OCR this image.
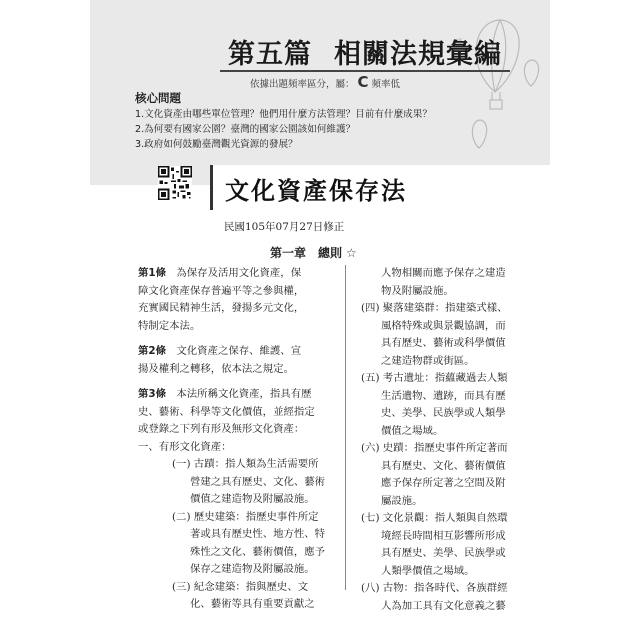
第五篇 相關法規彙編
依據出題頻率區分，屬： C 頻率低
核心問題
1.文化資產由哪些單位管理？他們用什麼方法管理？目前有什麼成果？
2.為何要有國家公園？臺灣的國家公園該如何維護？
3.政府如何鼓勵臺灣觀光資源的發展？
文化資產保存法
民國105年07月27日修正
第一章　總則 ☆
第1條　為保存及活用文化資產，保
障文化資產保存普遍平等之參與權，
充實國民精神生活，發揚多元文化，
特制定本法。
第2條　文化資產之保存、維護、宣
揚及權利之轉移，依本法之規定。
第3條　本法所稱文化資產，指具有歷
史、藝術、科學等文化價值，並經指定
或登錄之下列有形及無形文化資產：
一、有形文化資產：
(一) 古蹟：指人類為生活需要所
營建之具有歷史、文化、藝術
價值之建造物及附屬設施。
(二) 歷史建築：指歷史事件所定
著或具有歷史性、地方性、特
殊性之文化、藝術價值，應予
保存之建造物及附屬設施。
(三) 紀念建築：指與歷史、文
化、藝術等具有重要貢獻之
人物相關而應予保存之建造
物及附屬設施。
(四) 聚落建築群：指建築式樣、
風格特殊或與景觀協調，而
具有歷史、藝術或科學價值
之建造物群或街區。
(五) 考古遺址：指蘊藏過去人類
生活遺物、遺跡，而具有歷
史、美學、民族學或人類學
價值之場域。
(六) 史蹟：指歷史事件所定著而
具有歷史、文化、藝術價值
應予保存所定著之空間及附
屬設施。
(七) 文化景觀：指人類與自然環
境經長時間相互影響所形成
具有歷史、美學、民族學或
人類學價值之場域。
(八) 古物：指各時代、各族群經
人為加工具有文化意義之藝
